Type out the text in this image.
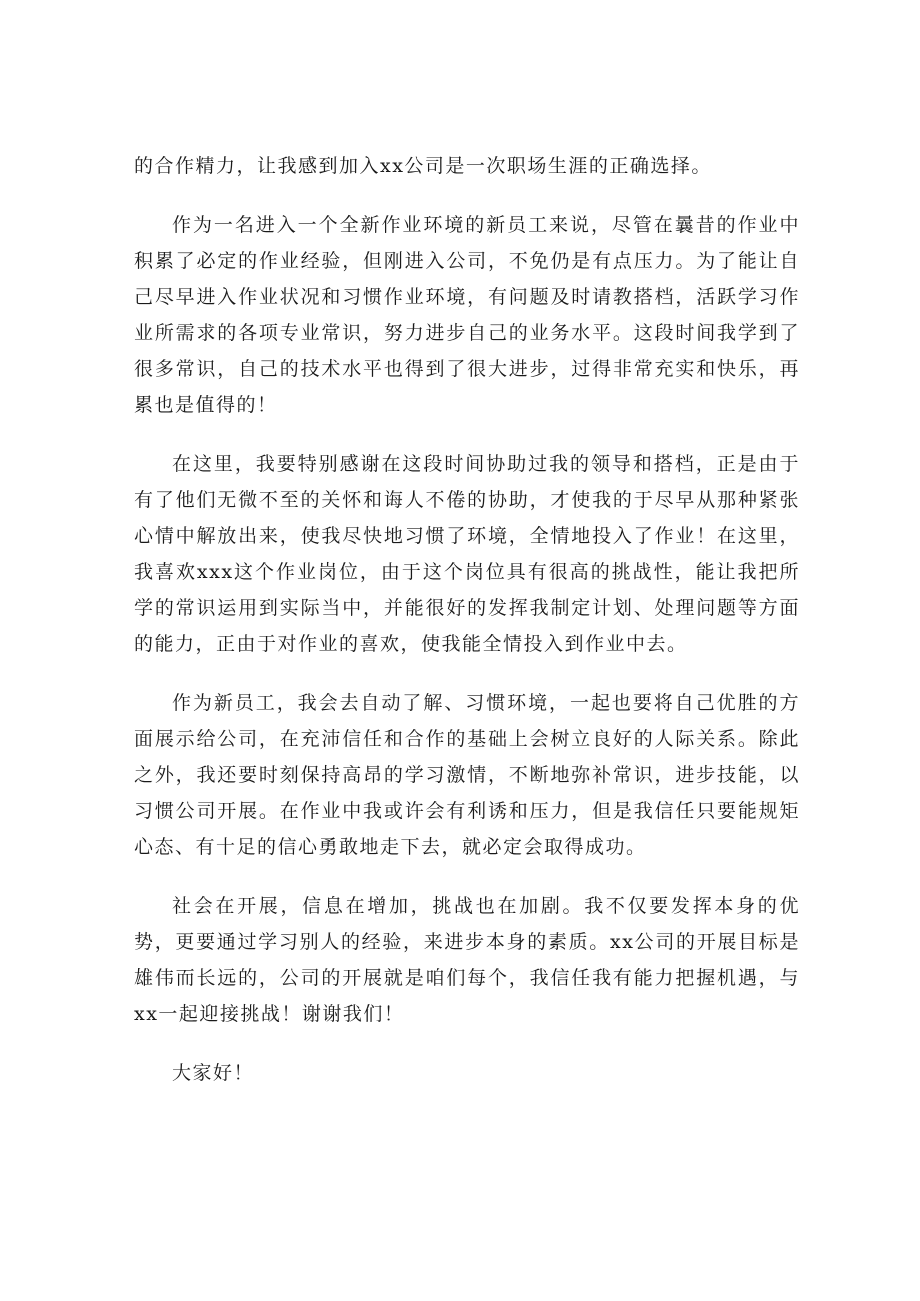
的合作精力，让我感到加入xx公司是一次职场生涯的正确选择。

作为一名进入一个全新作业环境的新员工来说，尽管在曩昔的作业中积累了必定的作业经验，但刚进入公司，不免仍是有点压力。为了能让自己尽早进入作业状况和习惯作业环境，有问题及时请教搭档，活跃学习作业所需求的各项专业常识，努力进步自己的业务水平。这段时间我学到了很多常识，自己的技术水平也得到了很大进步，过得非常充实和快乐，再累也是值得的！

在这里，我要特别感谢在这段时间协助过我的领导和搭档，正是由于有了他们无微不至的关怀和诲人不倦的协助，才使我的于尽早从那种紧张心情中解放出来，使我尽快地习惯了环境，全情地投入了作业！在这里，我喜欢xxx这个作业岗位，由于这个岗位具有很高的挑战性，能让我把所学的常识运用到实际当中，并能很好的发挥我制定计划、处理问题等方面的能力，正由于对作业的喜欢，使我能全情投入到作业中去。

作为新员工，我会去自动了解、习惯环境，一起也要将自己优胜的方面展示给公司，在充沛信任和合作的基础上会树立良好的人际关系。除此之外，我还要时刻保持高昂的学习激情，不断地弥补常识，进步技能，以习惯公司开展。在作业中我或许会有利诱和压力，但是我信任只要能规矩心态、有十足的信心勇敢地走下去，就必定会取得成功。

社会在开展，信息在增加，挑战也在加剧。我不仅要发挥本身的优势，更要通过学习别人的经验，来进步本身的素质。xx公司的开展目标是雄伟而长远的，公司的开展就是咱们每个，我信任我有能力把握机遇，与xx一起迎接挑战！谢谢我们！

大家好！
